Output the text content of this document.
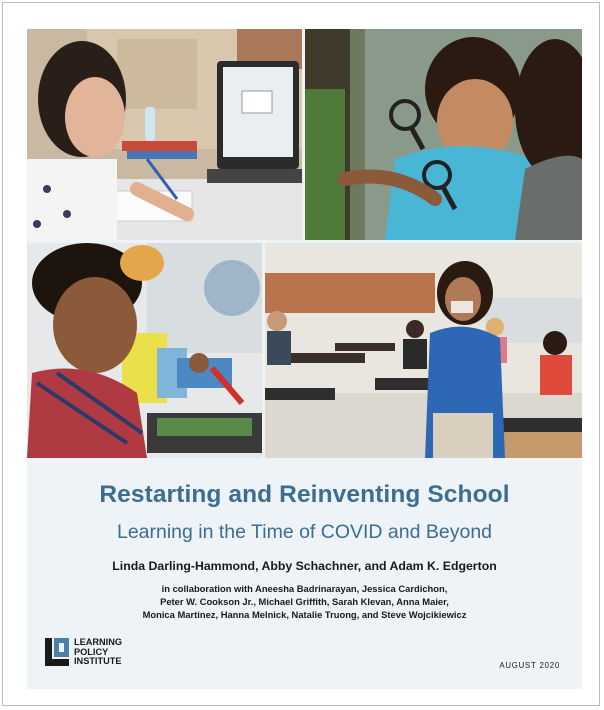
Restarting and Reinventing School
Learning in the Time of COVID and Beyond
Linda Darling-Hammond, Abby Schachner, and Adam K. Edgerton
in collaboration with Aneesha Badrinarayan, Jessica Cardichon,
Peter W. Cookson Jr., Michael Griffith, Sarah Klevan, Anna Maier,
Monica Martinez, Hanna Melnick, Natalie Truong, and Steve Wojcikiewicz
LEARNING
POLICY
INSTITUTE	AUGUST 2020
